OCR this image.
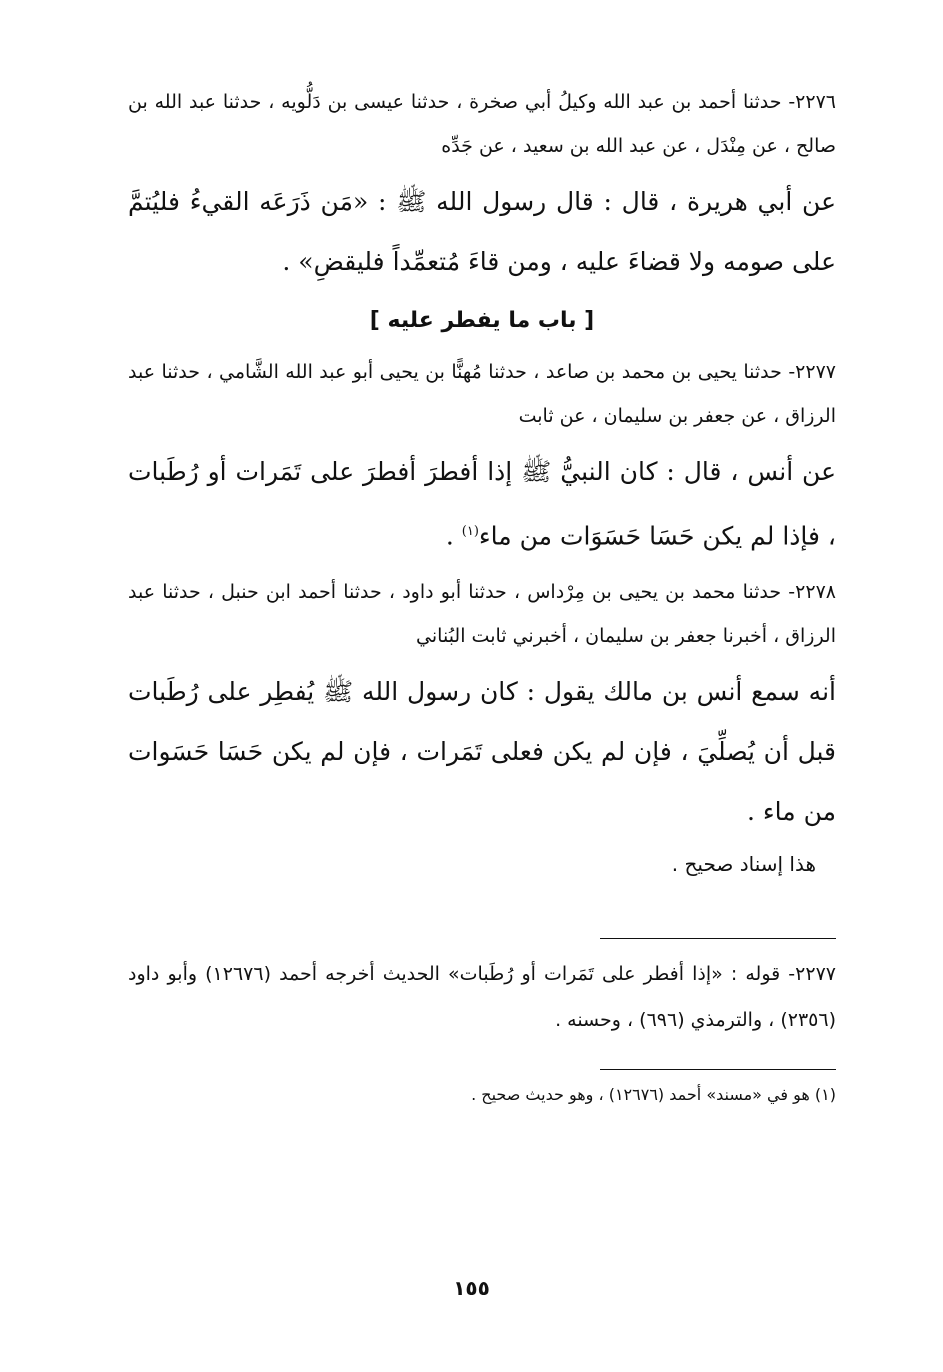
٢٢٧٦- حدثنا أحمد بن عبد الله وكيلُ أبي صخرة ، حدثنا عيسى بن دَلُّويه ، حدثنا عبد الله بن صالح ، عن مِنْدَل ، عن عبد الله بن سعيد ، عن جَدِّه

عن أبي هريرة ، قال : قال رسول الله ﷺ : «مَن ذَرَعَه القيءُ فليُتمَّ على صومه ولا قضاءَ عليه ، ومن قاءَ مُتعمِّداً فليقضِ» .

[ باب ما يفطر عليه ]

٢٢٧٧- حدثنا يحيى بن محمد بن صاعد ، حدثنا مُهنًّا بن يحيى أبو عبد الله الشَّامي ، حدثنا عبد الرزاق ، عن جعفر بن سليمان ، عن ثابت

عن أنس ، قال : كان النبيُّ ﷺ إذا أفطرَ أفطرَ على تَمَرات أو رُطَبات ، فإذا لم يكن حَسَا حَسَوَات من ماء$^{(١)}$ .

٢٢٧٨- حدثنا محمد بن يحيى بن مِرْداس ، حدثنا أبو داود ، حدثنا أحمد ابن حنبل ، حدثنا عبد الرزاق ، أخبرنا جعفر بن سليمان ، أخبرني ثابت البُناني

أنه سمع أنس بن مالك يقول : كان رسول الله ﷺ يُفطِر على رُطَبات قبل أن يُصلِّيَ ، فإن لم يكن فعلى تَمَرات ، فإن لم يكن حَسَا حَسَوات من ماء .

هذا إسناد صحيح .

٢٢٧٧- قوله : «إذا أفطر على تَمَرات أو رُطَبات» الحديث أخرجه أحمد (١٢٦٧٦) وأبو داود (٢٣٥٦) ، والترمذي (٦٩٦) ، وحسنه .

(١) هو في «مسند» أحمد (١٢٦٧٦) ، وهو حديث صحيح .

١٥٥
